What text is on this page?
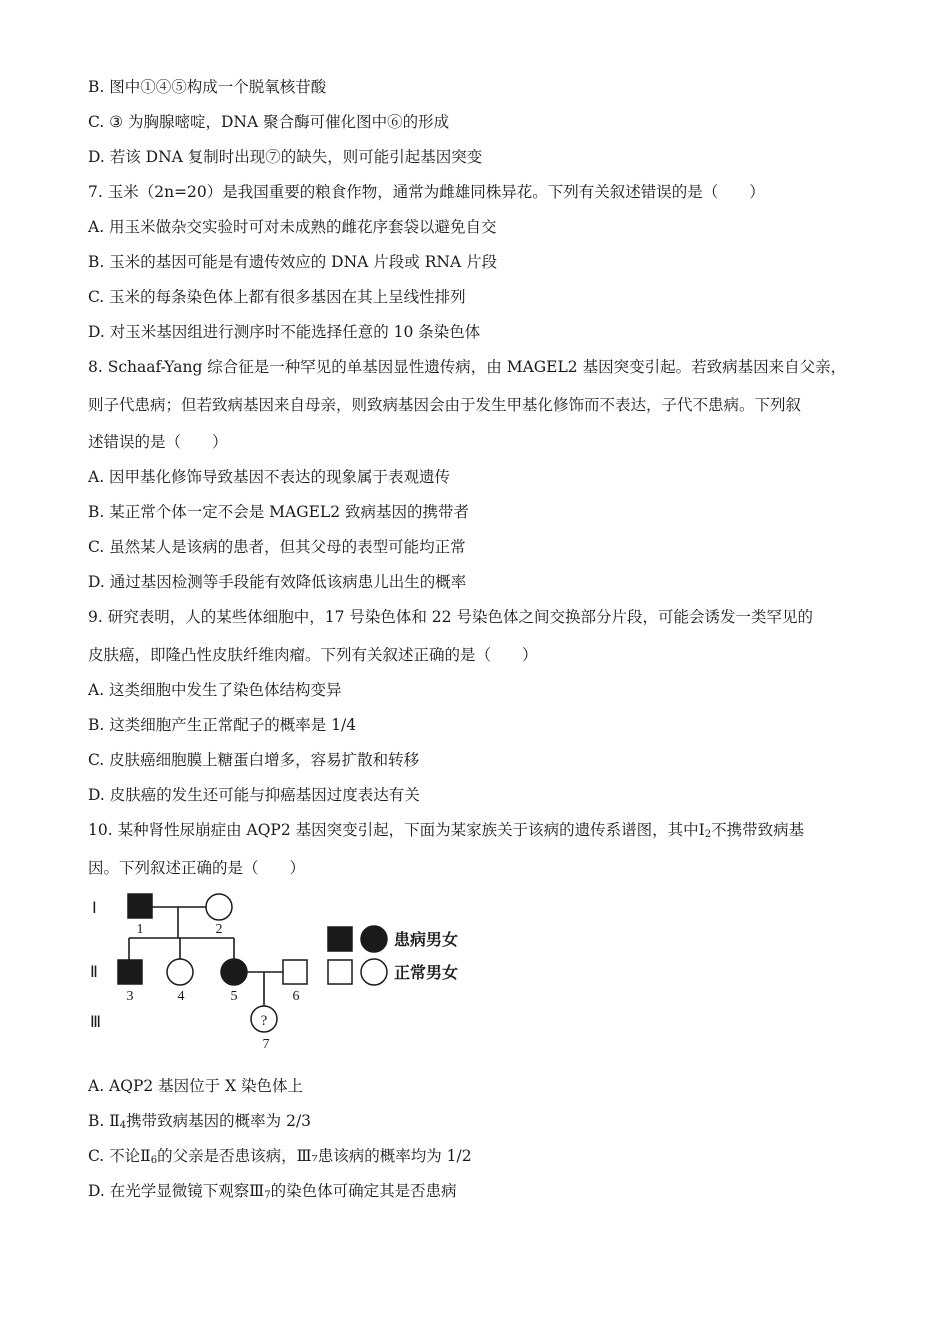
B. 图中①④⑤构成一个脱氧核苷酸
C. ③ 为胸腺嘧啶，DNA 聚合酶可催化图中⑥的形成
D. 若该 DNA 复制时出现⑦的缺失，则可能引起基因突变
7. 玉米（2n=20）是我国重要的粮食作物，通常为雌雄同株异花。下列有关叙述错误的是（　　）
A. 用玉米做杂交实验时可对未成熟的雌花序套袋以避免自交
B. 玉米的基因可能是有遗传效应的 DNA 片段或 RNA 片段
C. 玉米的每条染色体上都有很多基因在其上呈线性排列
D. 对玉米基因组进行测序时不能选择任意的 10 条染色体
8. Schaaf-Yang 综合征是一种罕见的单基因显性遗传病，由 MAGEL2 基因突变引起。若致病基因来自父亲，
则子代患病；但若致病基因来自母亲，则致病基因会由于发生甲基化修饰而不表达，子代不患病。下列叙
述错误的是（　　）
A. 因甲基化修饰导致基因不表达的现象属于表观遗传
B. 某正常个体一定不会是 MAGEL2 致病基因的携带者
C. 虽然某人是该病的患者，但其父母的表型可能均正常
D. 通过基因检测等手段能有效降低该病患儿出生的概率
9. 研究表明，人的某些体细胞中，17 号染色体和 22 号染色体之间交换部分片段，可能会诱发一类罕见的
皮肤癌，即隆凸性皮肤纤维肉瘤。下列有关叙述正确的是（　　）
A. 这类细胞中发生了染色体结构变异
B. 这类细胞产生正常配子的概率是 1/4
C. 皮肤癌细胞膜上糖蛋白增多，容易扩散和转移
D. 皮肤癌的发生还可能与抑癌基因过度表达有关
10. 某种肾性尿崩症由 AQP2 基因突变引起，下面为某家族关于该病的遗传系谱图，其中$Ⅰ_2$不携带致病基
因。下列叙述正确的是（　　）
Ⅰ
Ⅱ
Ⅲ	?
1	2
3	4	5	6
7
患病男女
正常男女
A. AQP2 基因位于 X 染色体上
B. $Ⅱ_4$携带致病基因的概率为 2/3
C. 不论$Ⅱ_6$的父亲是否患该病，Ⅲ₇患该病的概率均为 1/2
D. 在光学显微镜下观察$Ⅲ_7$的染色体可确定其是否患病
